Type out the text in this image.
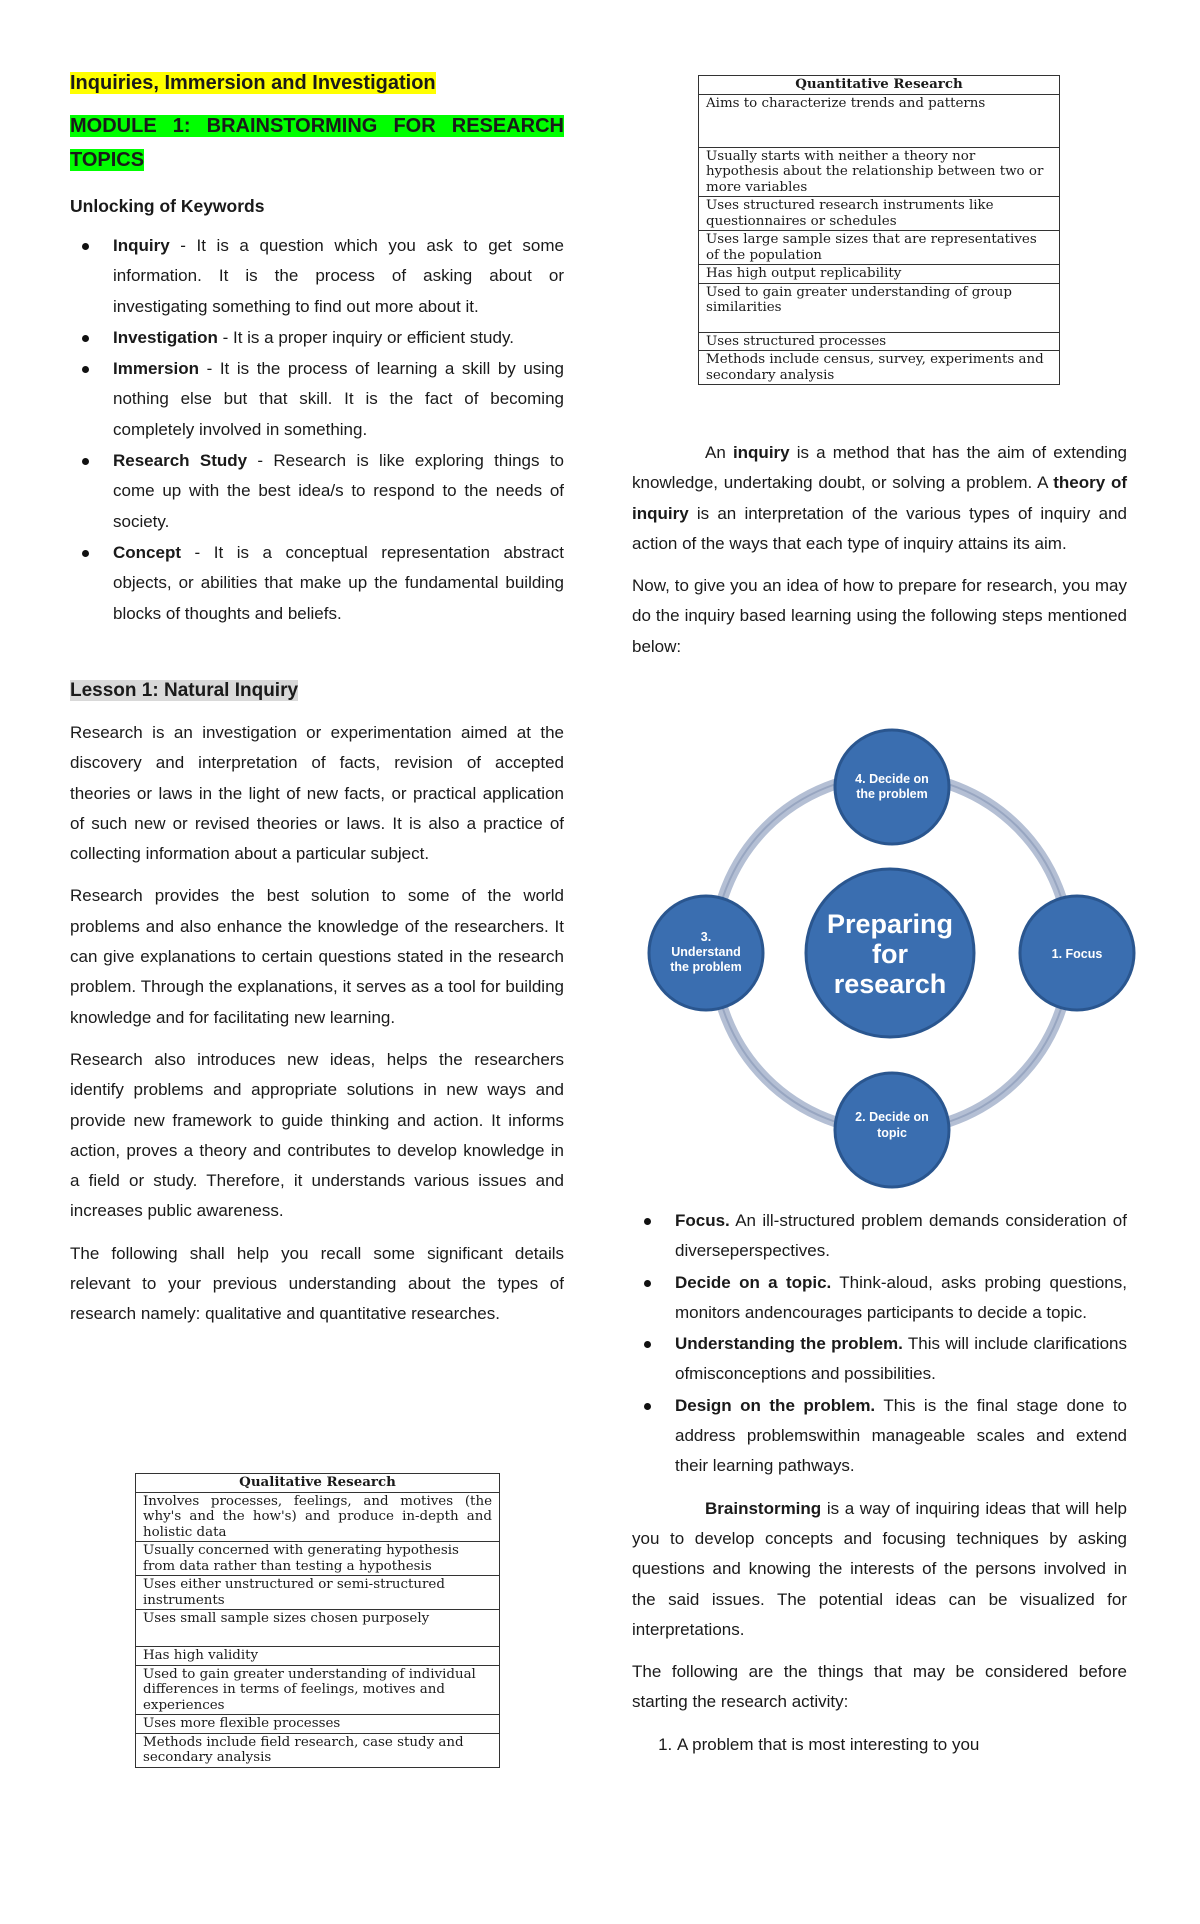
Inquiries, Immersion and Investigation
MODULE 1: BRAINSTORMING FOR RESEARCH
TOPICS
Unlocking of Keywords
Inquiry - It is a question which you ask to get some information. It is the process of asking about or investigating something to find out more about it.
Investigation - It is a proper inquiry or efficient study.
Immersion - It is the process of learning a skill by using nothing else but that skill. It is the fact of becoming completely involved in something.
Research Study - Research is like exploring things to come up with the best idea/s to respond to the needs of society.
Concept - It is a conceptual representation abstract objects, or abilities that make up the fundamental building blocks of thoughts and beliefs.
Lesson 1: Natural Inquiry

Research is an investigation or experimentation aimed at the discovery and interpretation of facts, revision of accepted theories or laws in the light of new facts, or practical application of such new or revised theories or laws. It is also a practice of collecting information about a particular subject.

Research provides the best solution to some of the world problems and also enhance the knowledge of the researchers. It can give explanations to certain questions stated in the research problem. Through the explanations, it serves as a tool for building knowledge and for facilitating new learning.

Research also introduces new ideas, helps the researchers identify problems and appropriate solutions in new ways and provide new framework to guide thinking and action. It informs action, proves a theory and contributes to develop knowledge in a field or study. Therefore, it understands various issues and increases public awareness.

The following shall help you recall some significant details relevant to your previous understanding about the types of research namely: qualitative and quantitative researches.

Qualitative Research
Involves processes, feelings, and motives (the why's and the how's) and produce in-depth and holistic data
Usually concerned with generating hypothesis from data rather than testing a hypothesis
Uses either unstructured or semi-structured instruments
Uses small sample sizes chosen purposely
Has high validity
Used to gain greater understanding of individual differences in terms of feelings, motives and experiences
Uses more flexible processes
Methods include field research, case study and secondary analysis
Quantitative Research
Aims to characterize trends and patterns
Usually starts with neither a theory nor hypothesis about the relationship between two or more variables
Uses structured research instruments like questionnaires or schedules
Uses large sample sizes that are representatives of the population
Has high output replicability
Used to gain greater understanding of group similarities
Uses structured processes
Methods include census, survey, experiments and secondary analysis

An inquiry is a method that has the aim of extending knowledge, undertaking doubt, or solving a problem. A theory of inquiry is an interpretation of the various types of inquiry and action of the ways that each type of inquiry attains its aim.

Now, to give you an idea of how to prepare for research, you may do the inquiry based learning using the following steps mentioned below:

Preparing
for
research
4. Decide on
the problem
1. Focus
2. Decide on
topic
3.
Understand
the problem
Focus. An ill-structured problem demands consideration of diverseperspectives.
Decide on a topic. Think-aloud, asks probing questions, monitors andencourages participants to decide a topic.
Understanding the problem. This will include clarifications ofmisconceptions and possibilities.
Design on the problem. This is the final stage done to address problemswithin manageable scales and extend their learning pathways.

Brainstorming is a way of inquiring ideas that will help you to develop concepts and focusing techniques by asking questions and knowing the interests of the persons involved in the said issues. The potential ideas can be visualized for interpretations.

The following are the things that may be considered before starting the research activity:

1. A problem that is most interesting to you
